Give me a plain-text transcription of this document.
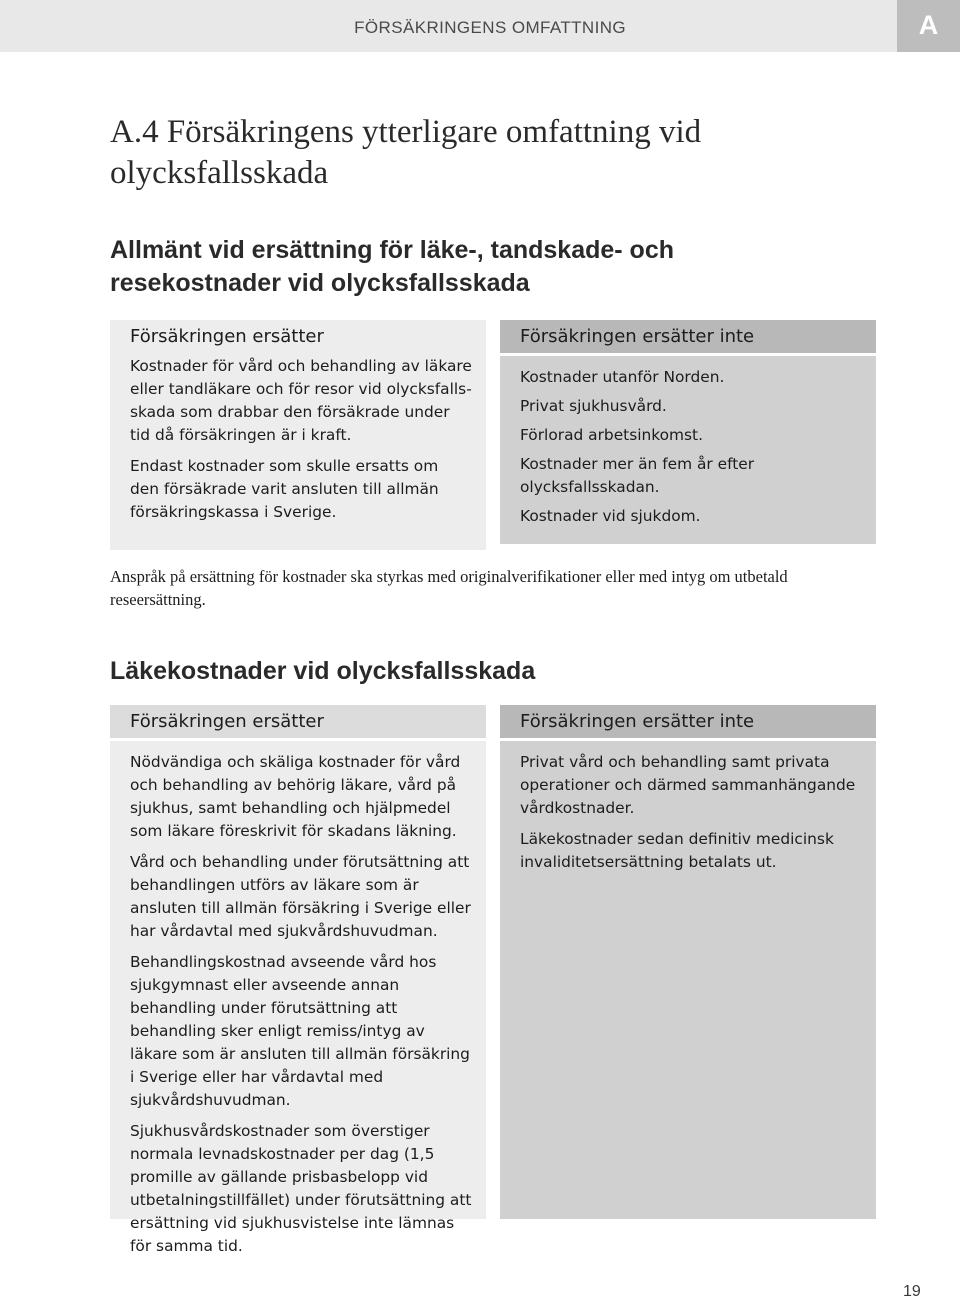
FÖRSÄKRINGENS OMFATTNING	A
A.4 Försäkringens ytterligare omfattning vid olycksfallsskada
Allmänt vid ersättning för läke-, tandskade- och resekostnader vid olycksfallsskada
Försäkringen ersätter

Kostnader för vård och behandling av läkare eller tandläkare och för resor vid olycksfallsskada som drabbar den försäkrade under tid då försäkringen är i kraft.

Endast kostnader som skulle ersatts om den försäkrade varit ansluten till allmän försäkringskassa i Sverige.

Försäkringen ersätter inte

Kostnader utanför Norden.

Privat sjukhusvård.

Förlorad arbetsinkomst.

Kostnader mer än fem år efter olycksfallsskadan.

Kostnader vid sjukdom.

Anspråk på ersättning för kostnader ska styrkas med originalverifikationer eller med intyg om utbetald reseersättning.

Läkekostnader vid olycksfallsskada
Försäkringen ersätter

Nödvändiga och skäliga kostnader för vård och behandling av behörig läkare, vård på sjukhus, samt behandling och hjälpmedel som läkare föreskrivit för skadans läkning.

Vård och behandling under förutsättning att behandlingen utförs av läkare som är ansluten till allmän försäkring i Sverige eller har vårdavtal med sjukvårdshuvudman.

Behandlingskostnad avseende vård hos sjukgymnast eller avseende annan behandling under förutsättning att behandling sker enligt remiss/intyg av läkare som är ansluten till allmän försäkring i Sverige eller har vårdavtal med sjukvårdshuvudman.

Sjukhusvårdskostnader som överstiger normala levnadskostnader per dag (1,5 promille av gällande prisbasbelopp vid utbetalningstillfället) under förutsättning att ersättning vid sjukhusvistelse inte lämnas för samma tid.

Försäkringen ersätter inte

Privat vård och behandling samt privata operationer och därmed sammanhängande vårdkostnader.

Läkekostnader sedan definitiv medicinsk invaliditetsersättning betalats ut.

19
